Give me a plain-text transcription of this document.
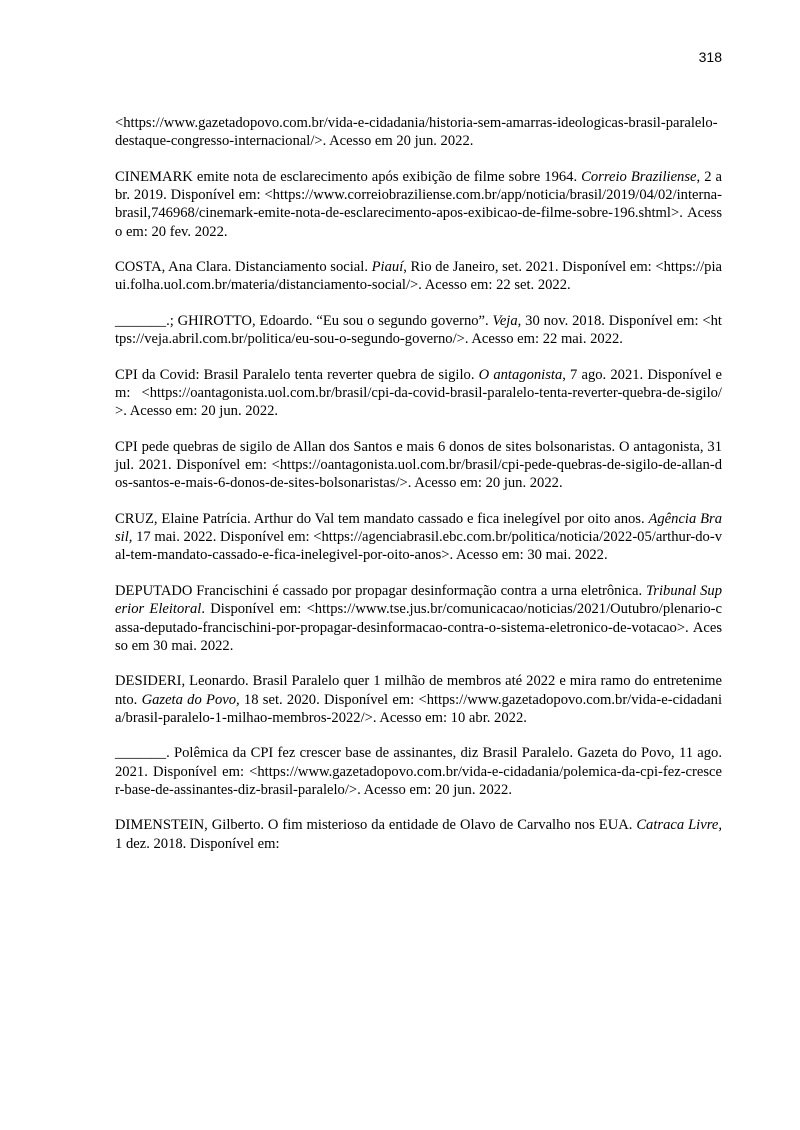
318

<https://www.gazetadopovo.com.br/vida-e-cidadania/historia-sem-amarras-ideologicas-brasil-paralelo-destaque-congresso-internacional/>. Acesso em 20 jun. 2022.

CINEMARK emite nota de esclarecimento após exibição de filme sobre 1964. Correio Braziliense, 2 abr. 2019. Disponível em: <https://www.correiobraziliense.com.br/app/noticia/brasil/2019/04/02/interna-brasil,746968/cinemark-emite-nota-de-esclarecimento-apos-exibicao-de-filme-sobre-196.shtml>. Acesso em: 20 fev. 2022.

COSTA, Ana Clara. Distanciamento social. Piauí, Rio de Janeiro, set. 2021. Disponível em: <https://piaui.folha.uol.com.br/materia/distanciamento-social/>. Acesso em: 22 set. 2022.

_______.; GHIROTTO, Edoardo. “Eu sou o segundo governo”. Veja, 30 nov. 2018. Disponível em: <https://veja.abril.com.br/politica/eu-sou-o-segundo-governo/>. Acesso em: 22 mai. 2022.

CPI da Covid: Brasil Paralelo tenta reverter quebra de sigilo. O antagonista, 7 ago. 2021. Disponível em: <https://oantagonista.uol.com.br/brasil/cpi-da-covid-brasil-paralelo-tenta-reverter-quebra-de-sigilo/>. Acesso em: 20 jun. 2022.

CPI pede quebras de sigilo de Allan dos Santos e mais 6 donos de sites bolsonaristas. O antagonista, 31 jul. 2021. Disponível em: <https://oantagonista.uol.com.br/brasil/cpi-pede-quebras-de-sigilo-de-allan-dos-santos-e-mais-6-donos-de-sites-bolsonaristas/>. Acesso em: 20 jun. 2022.

CRUZ, Elaine Patrícia. Arthur do Val tem mandato cassado e fica inelegível por oito anos. Agência Brasil, 17 mai. 2022. Disponível em: <https://agenciabrasil.ebc.com.br/politica/noticia/2022-05/arthur-do-val-tem-mandato-cassado-e-fica-inelegivel-por-oito-anos>. Acesso em: 30 mai. 2022.

DEPUTADO Francischini é cassado por propagar desinformação contra a urna eletrônica. Tribunal Superior Eleitoral. Disponível em: <https://www.tse.jus.br/comunicacao/noticias/2021/Outubro/plenario-cassa-deputado-francischini-por-propagar-desinformacao-contra-o-sistema-eletronico-de-votacao>. Acesso em 30 mai. 2022.

DESIDERI, Leonardo. Brasil Paralelo quer 1 milhão de membros até 2022 e mira ramo do entretenimento. Gazeta do Povo, 18 set. 2020. Disponível em: <https://www.gazetadopovo.com.br/vida-e-cidadania/brasil-paralelo-1-milhao-membros-2022/>. Acesso em: 10 abr. 2022.

_______. Polêmica da CPI fez crescer base de assinantes, diz Brasil Paralelo. Gazeta do Povo, 11 ago. 2021. Disponível em: <https://www.gazetadopovo.com.br/vida-e-cidadania/polemica-da-cpi-fez-crescer-base-de-assinantes-diz-brasil-paralelo/>. Acesso em: 20 jun. 2022.

DIMENSTEIN, Gilberto. O fim misterioso da entidade de Olavo de Carvalho nos EUA. Catraca Livre, 1 dez. 2018. Disponível em:
